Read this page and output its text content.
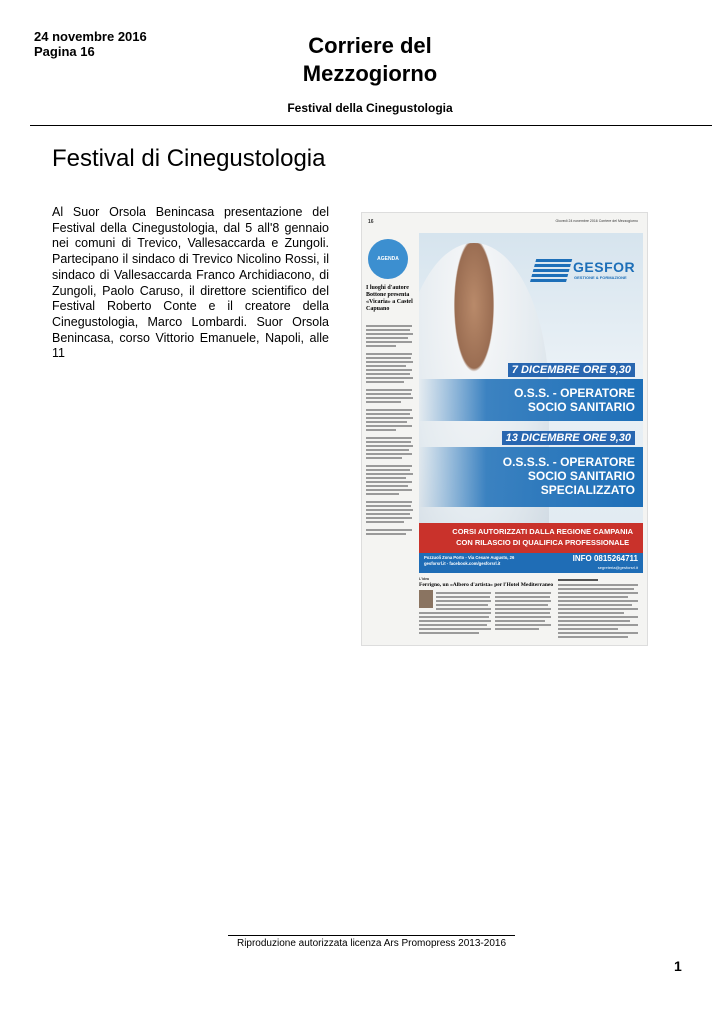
24 novembre 2016
Pagina 16	Corriere del
Mezzogiorno
Festival della Cinegustologia
Festival di Cinegustologia
Al Suor Orsola Benincasa presentazione del Festival della Cinegustologia, dal 5 all'8 gennaio nei comuni di Trevico, Vallesaccarda e Zungoli. Partecipano il sindaco di Trevico Nicolino Rossi, il sindaco di Vallesaccarda Franco Archidiacono, di Zungoli, Paolo Caruso, il direttore scientifico del Festival Roberto Conte e il creatore della Cinegustologia, Marco Lombardi. Suor Orsola Benincasa, corso Vittorio Emanuele, Napoli, alle 11
16	Giovedì 24 novembre 2016 Corriere del Mezzogiorno
AGENDA
I luoghi d'autore Bottone presenta «Vicaria» a Castel Capuano
GESFOR
GESTIONE & FORMAZIONE
7 DICEMBRE ORE 9,30
O.S.S. - OPERATORE
SOCIO SANITARIO
13 DICEMBRE ORE 9,30
O.S.S.S. - OPERATORE
SOCIO SANITARIO
SPECIALIZZATO
CORSI AUTORIZZATI DALLA REGIONE CAMPANIA
CON RILASCIO DI QUALIFICA PROFESSIONALE
Pozzuoli Zona Porto - Via Cesare Augusto, 26
gesforsrl.it - facebook.com/gesforsrl.it
INFO 0815264711
segreteria@gesforsrl.it
L'idea
Ferrigno, un «Albero d'artista» per l'Hotel Mediterraneo
Riproduzione autorizzata licenza Ars Promopress 2013-2016
1
